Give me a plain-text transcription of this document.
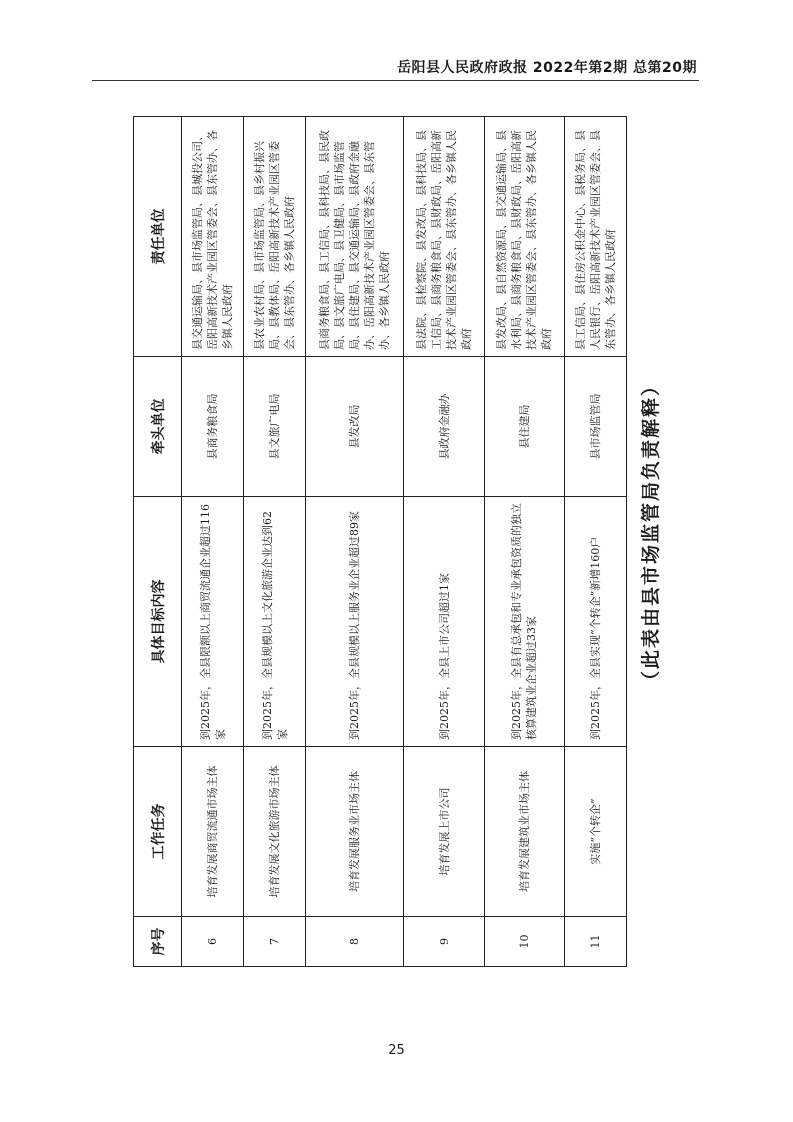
岳阳县人民政府政报 2022年第2期 总第20期
序号	工作任务	具体目标内容	牵头单位	责任单位
6	培育发展商贸流通市场主体	到2025年，全县限额以上商贸流通企业超过116家	县商务粮食局	县交通运输局、县市场监管局、县城投公司、岳阳高新技术产业园区管委会、县东管办、各乡镇人民政府
7	培育发展文化旅游市场主体	到2025年，全县规模以上文化旅游企业达到62家	县文旅广电局	县农业农村局、县市场监管局、县乡村振兴局、县教体局、岳阳高新技术产业园区管委会、县东管办、各乡镇人民政府
8	培育发展服务业市场主体	到2025年，全县规模以上服务业企业超过89家	县发改局	县商务粮食局、县工信局、县科技局、县民政局、县文旅广电局、县卫健局、县市场监管局、县住建局、县交通运输局、县政府金融办、岳阳高新技术产业园区管委会、县东管办、各乡镇人民政府
9	培育发展上市公司	到2025年，全县上市公司超过1家	县政府金融办	县法院、县检察院、县发改局、县科技局、县工信局、县商务粮食局、县财政局、岳阳高新技术产业园区管委会、县东管办、各乡镇人民政府
10	培育发展建筑业市场主体	到2025年，全县有总承包和专业承包资质的独立核算建筑业企业超过33家	县住建局	县发改局、县自然资源局、县交通运输局、县水利局、县商务粮食局、县财政局、岳阳高新技术产业园区管委会、县东管办、各乡镇人民政府
11	实施“个转企”	到2025年，全县实现“个转企”新增160户	县市场监管局	县工信局、县住房公积金中心、县税务局、县人民银行、岳阳高新技术产业园区管委会、县东管办、各乡镇人民政府
（此表由县市场监管局负责解释）
25
